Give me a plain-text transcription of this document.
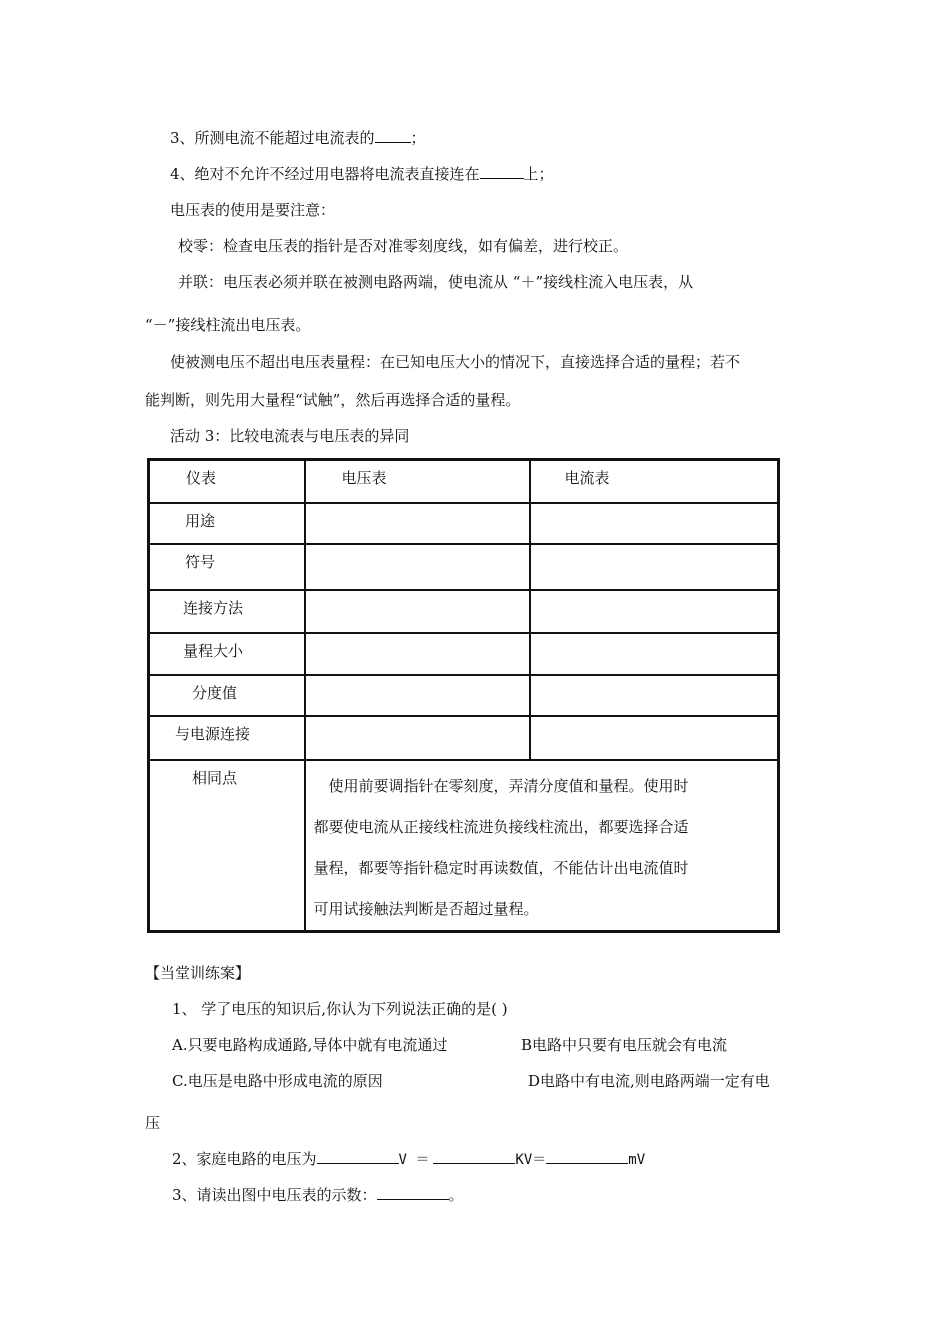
3、所测电流不能超过电流表的 ；
4、绝对不允许不经过用电器将电流表直接连在	上；
电压表的使用是要注意：
校零：检查电压表的指针是否对准零刻度线，如有偏差，进行校正。
并联：电压表必须并联在被测电路两端，使电流从 “＋”接线柱流入电压表，从
“－”接线柱流出电压表。
使被测电压不超出电压表量程：在已知电压大小的情况下，直接选择合适的量程；若不
能判断，则先用大量程“试触”，然后再选择合适的量程。
活动 3：比较电流表与电压表的异同
仪表	电压表	电流表

用途		

符号		

连接方法		

量程大小		

分度值		

与电源连接		

相同点	　使用前要调指针在零刻度，弄清分度值和量程。使用时
都要使电流从正接线柱流进负接线柱流出，都要选择合适
量程，都要等指针稳定时再读数值，不能估计出电流值时
可用试接触法判断是否超过量程。	
【当堂训练案】
1、 学了电压的知识后,你认为下列说法正确的是( )
A.只要电路构成通路,导体中就有电流通过	B电路中只要有电压就会有电流
C.电压是电路中形成电流的原因	D电路中有电流,则电路两端一定有电
压
2、家庭电路的电压为	V ＝	KV＝	mV
3、请读出图中电压表的示数：	。
